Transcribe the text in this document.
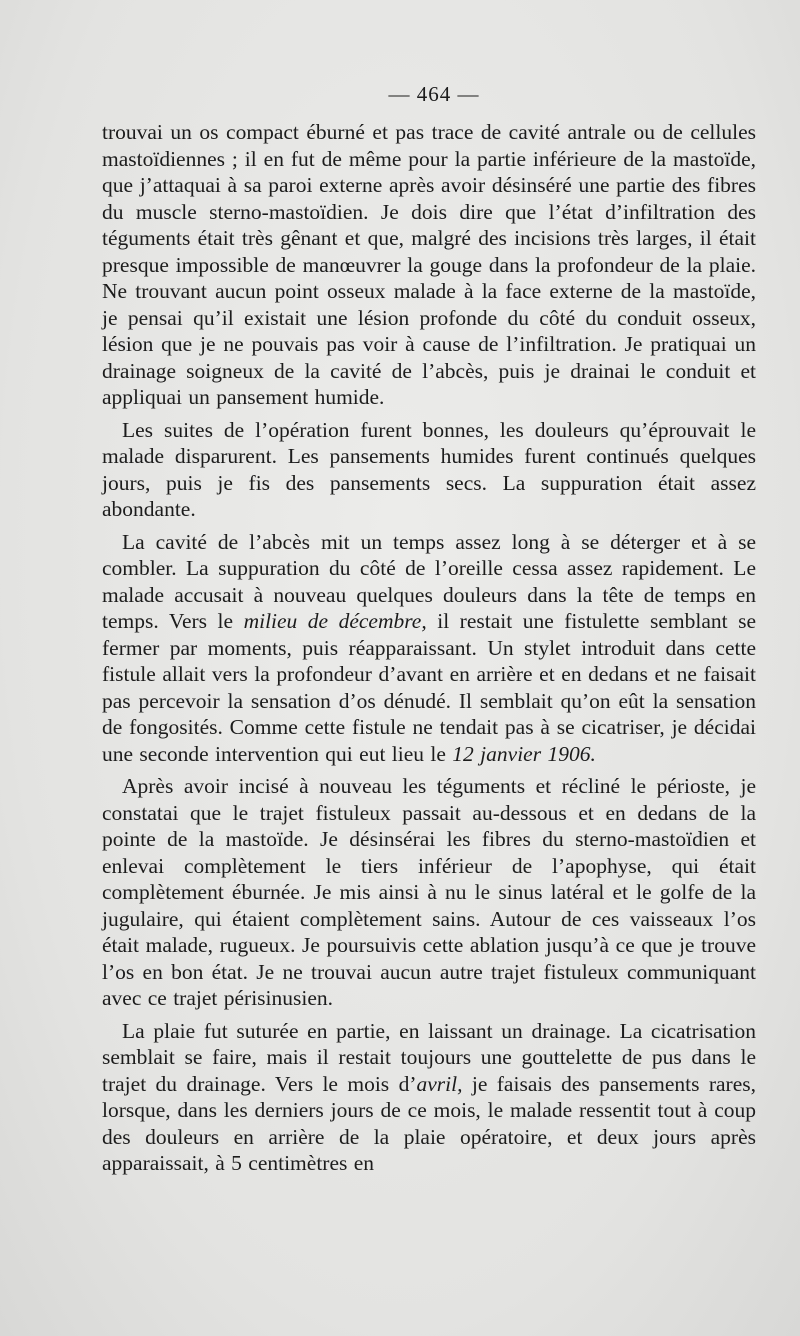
— 464 —

trouvai un os compact éburné et pas trace de cavité antrale ou de cellules mastoïdiennes ; il en fut de même pour la partie inférieure de la mastoïde, que j’attaquai à sa paroi externe après avoir désinséré une partie des fibres du muscle sterno-mastoïdien. Je dois dire que l’état d’infiltration des téguments était très gênant et que, malgré des incisions très larges, il était presque impossible de manœuvrer la gouge dans la profondeur de la plaie. Ne trouvant aucun point osseux malade à la face externe de la mastoïde, je pensai qu’il existait une lésion profonde du côté du conduit osseux, lésion que je ne pouvais pas voir à cause de l’infiltration. Je pratiquai un drainage soigneux de la cavité de l’abcès, puis je drainai le conduit et appliquai un pansement humide.

Les suites de l’opération furent bonnes, les douleurs qu’éprouvait le malade disparurent. Les pansements humides furent continués quelques jours, puis je fis des pansements secs. La suppuration était assez abondante.

La cavité de l’abcès mit un temps assez long à se déterger et à se combler. La suppuration du côté de l’oreille cessa assez rapidement. Le malade accusait à nouveau quelques douleurs dans la tête de temps en temps. Vers le milieu de décembre, il restait une fistulette semblant se fermer par moments, puis réapparaissant. Un stylet introduit dans cette fistule allait vers la profondeur d’avant en arrière et en dedans et ne faisait pas percevoir la sensation d’os dénudé. Il semblait qu’on eût la sensation de fongosités. Comme cette fistule ne tendait pas à se cicatriser, je décidai une seconde intervention qui eut lieu le 12 janvier 1906.

Après avoir incisé à nouveau les téguments et récliné le périoste, je constatai que le trajet fistuleux passait au-dessous et en dedans de la pointe de la mastoïde. Je désinsérai les fibres du sterno-mastoïdien et enlevai complètement le tiers inférieur de l’apophyse, qui était complètement éburnée. Je mis ainsi à nu le sinus latéral et le golfe de la jugulaire, qui étaient complètement sains. Autour de ces vaisseaux l’os était malade, rugueux. Je poursuivis cette ablation jusqu’à ce que je trouve l’os en bon état. Je ne trouvai aucun autre trajet fistuleux communiquant avec ce trajet périsinusien.

La plaie fut suturée en partie, en laissant un drainage. La cicatrisation semblait se faire, mais il restait toujours une gouttelette de pus dans le trajet du drainage. Vers le mois d’avril, je faisais des pansements rares, lorsque, dans les derniers jours de ce mois, le malade ressentit tout à coup des douleurs en arrière de la plaie opératoire, et deux jours après apparaissait, à 5 centimètres en
